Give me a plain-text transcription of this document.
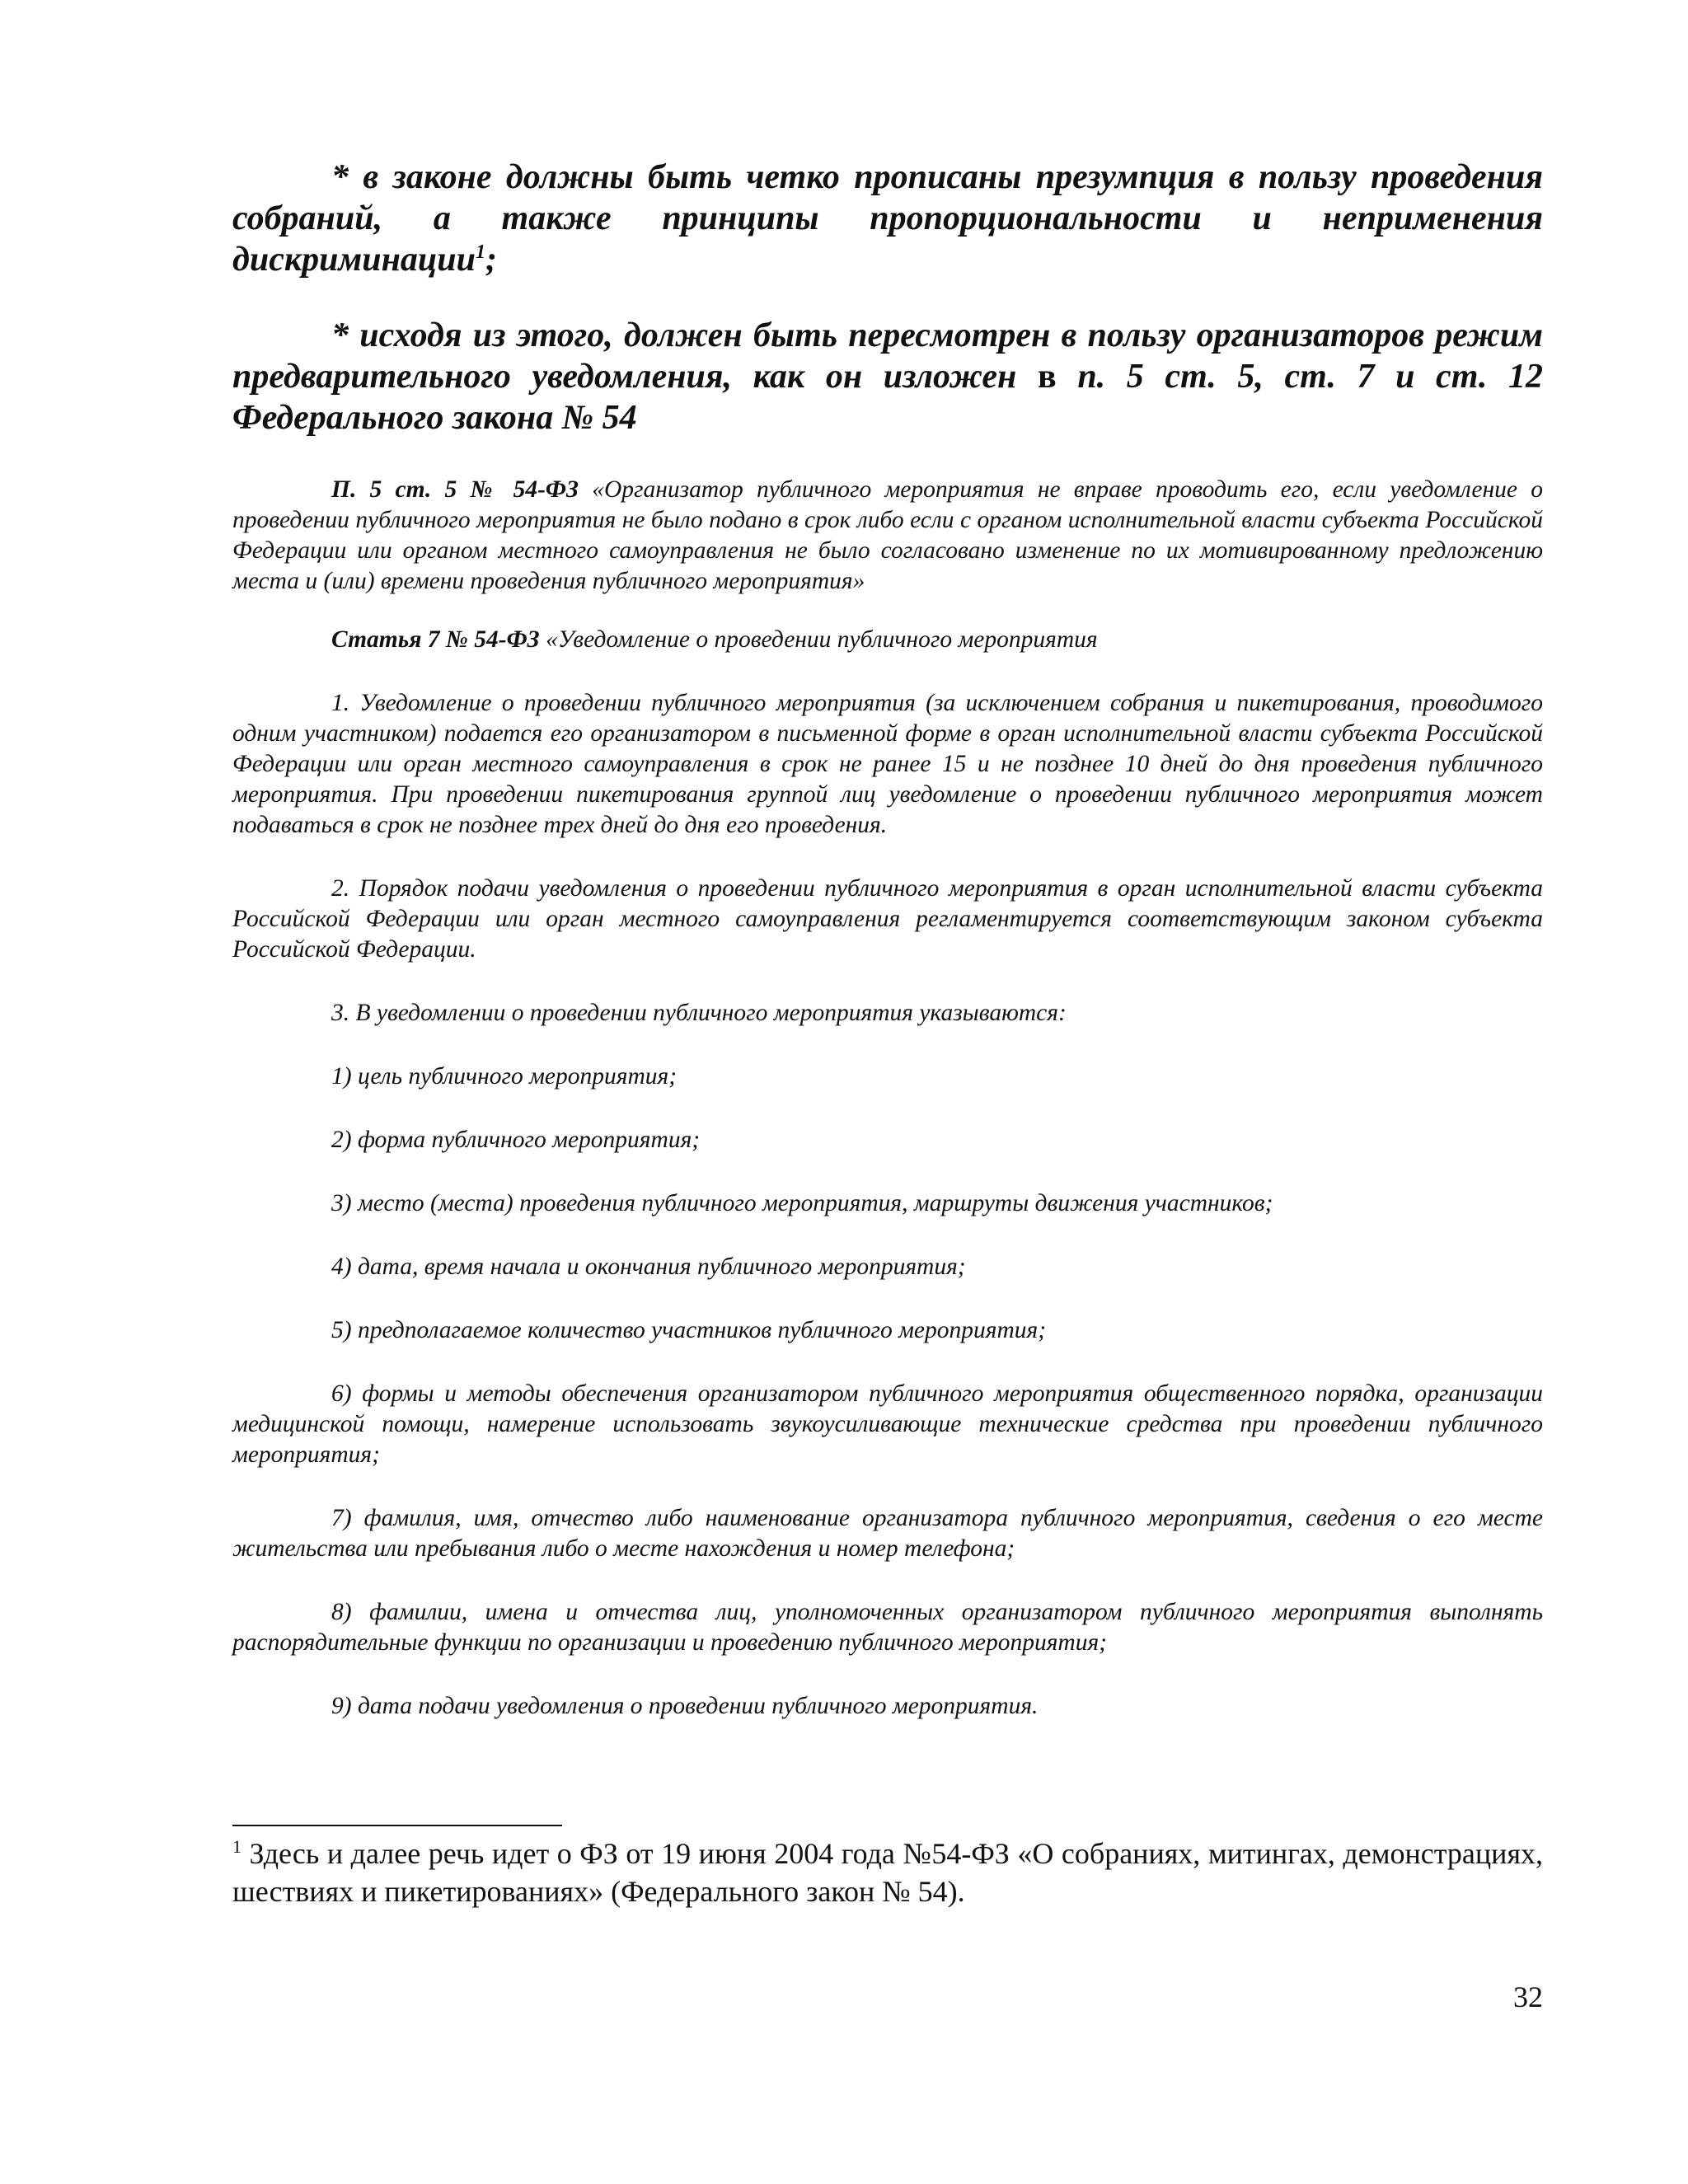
* в законе должны быть четко прописаны презумпция в пользу проведения собраний, а также принципы пропорциональности и неприменения дискриминации$^1$;

* исходя из этого, должен быть пересмотрен в пользу организаторов режим предварительного уведомления, как он изложен в п. 5 ст. 5, ст. 7 и ст. 12 Федерального закона № 54

П. 5 ст. 5 № 54-ФЗ «Организатор публичного мероприятия не вправе проводить его, если уведомление о проведении публичного мероприятия не было подано в срок либо если с органом исполнительной власти субъекта Российской Федерации или органом местного самоуправления не было согласовано изменение по их мотивированному предложению места и (или) времени проведения публичного мероприятия»

Статья 7 № 54-ФЗ «Уведомление о проведении публичного мероприятия

1. Уведомление о проведении публичного мероприятия (за исключением собрания и пикетирования, проводимого одним участником) подается его организатором в письменной форме в орган исполнительной власти субъекта Российской Федерации или орган местного самоуправления в срок не ранее 15 и не позднее 10 дней до дня проведения публичного мероприятия. При проведении пикетирования группой лиц уведомление о проведении публичного мероприятия может подаваться в срок не позднее трех дней до дня его проведения.

2. Порядок подачи уведомления о проведении публичного мероприятия в орган исполнительной власти субъекта Российской Федерации или орган местного самоуправления регламентируется соответствующим законом субъекта Российской Федерации.

3. В уведомлении о проведении публичного мероприятия указываются:

1) цель публичного мероприятия;

2) форма публичного мероприятия;

3) место (места) проведения публичного мероприятия, маршруты движения участников;

4) дата, время начала и окончания публичного мероприятия;

5) предполагаемое количество участников публичного мероприятия;

6) формы и методы обеспечения организатором публичного мероприятия общественного порядка, организации медицинской помощи, намерение использовать звукоусиливающие технические средства при проведении публичного мероприятия;

7) фамилия, имя, отчество либо наименование организатора публичного мероприятия, сведения о его месте жительства или пребывания либо о месте нахождения и номер телефона;

8) фамилии, имена и отчества лиц, уполномоченных организатором публичного мероприятия выполнять распорядительные функции по организации и проведению публичного мероприятия;

9) дата подачи уведомления о проведении публичного мероприятия.

$^1$ Здесь и далее речь идет о ФЗ от 19 июня 2004 года №54-ФЗ «О собраниях, митингах, демонстрациях, шествиях и пикетированиях» (Федерального закон № 54).

32
